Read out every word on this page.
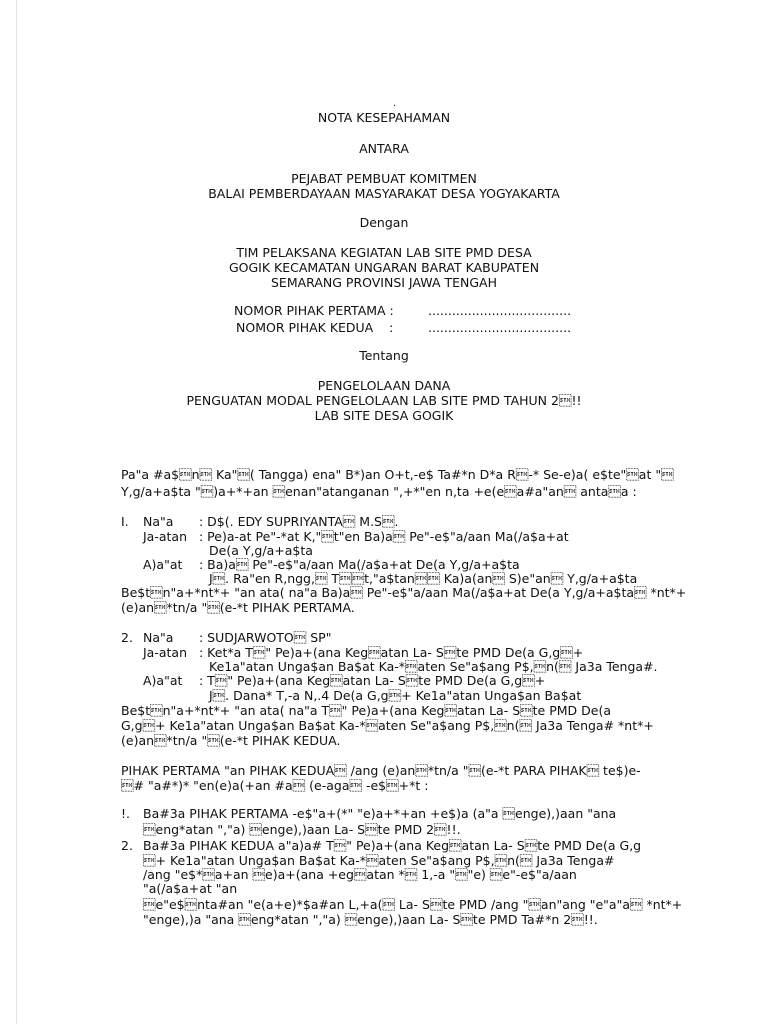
.
NOTA KESEPAHAMAN
ANTARA
PEJABAT PEMBUAT KOMITMEN
BALAI PEMBERDAYAAN MASYARAKAT DESA YOGYAKARTA
Dengan
TIM PELAKSANA KEGIATAN LAB SITE PMD DESA
GOGIK KECAMATAN UNGARAN BARAT KABUPATEN
SEMARANG PROVINSI JAWA TENGAH
NOMOR PIHAK PERTAMA :	....................................
NOMOR PIHAK KEDUA    :	....................................
Tentang
PENGELOLAAN DANA
PENGUATAN MODAL PENGELOLAAN LAB SITE PMD TAHUN 2!!
LAB SITE DESA GOGIK
Pa"a #a$n Ka"( Tangga) ena" B*)an O+t,-e$ Ta#*n D*a R-* Se-e)a( e$te"at "
Y,g/a+a$ta ")a+*+an enan"atanganan ",+*"en n,ta +e(ea#a"an antaa :
I. Na"a : D$(. EDY SUPRIYANTA M.S.
Ja-atan : Pe)a-at Pe"-*at K,"t"en Ba)a Pe"-e$"a/aan Ma(/a$a+at
De(a Y,g/a+a$ta
A)a"at : Ba)a Pe"-e$"a/aan Ma(/a$a+at De(a Y,g/a+a$ta
J. Ra"en R,ngg, Tt,"a$tan Ka)a(an S)e"an Y,g/a+a$ta
Be$tn"a+*nt*+ "an ata( na"a Ba)a Pe"-e$"a/aan Ma(/a$a+at De(a Y,g/a+a$ta *nt*+
(e)an*tn/a "(e-*t PIHAK PERTAMA.
2. Na"a : SUDJARWOTO SP"
Ja-atan : Ket*a T" Pe)a+(ana Kegatan La- Ste PMD De(a G,g+
Ke1a"atan Unga$an Ba$at Ka-*aten Se"a$ang P$,n( Ja3a Tenga#.
A)a"at : T" Pe)a+(ana Kegatan La- Ste PMD De(a G,g+
J. Dana* T,-a N,.4 De(a G,g+ Ke1a"atan Unga$an Ba$at
Be$tn"a+*nt*+ "an ata( na"a T" Pe)a+(ana Kegatan La- Ste PMD De(a
G,g+ Ke1a"atan Unga$an Ba$at Ka-*aten Se"a$ang P$,n( Ja3a Tenga# *nt*+
(e)an*tn/a "(e-*t PIHAK KEDUA.
PIHAK PERTAMA "an PIHAK KEDUA /ang (e)an*tn/a "(e-*t PARA PIHAK te$)e-
# "a#*)* "en(e)a(+an #a (e-aga -e$+*t :
!. Ba#3a PIHAK PERTAMA -e$"a+(*" "e)a+*+an +e$)a (a"a enge),)aan "ana
eng*atan ","a) enge),)aan La- Ste PMD 2!!.
2. Ba#3a PIHAK KEDUA a"a)a# T" Pe)a+(ana Kegatan La- Ste PMD De(a G,g
+ Ke1a"atan Unga$an Ba$at Ka-*aten Se"a$ang P$,n( Ja3a Tenga#
/ang "e$*a+an e)a+(ana +egatan * 1,-a ""e) e"-e$"a/aan
"a(/a$a+at "an
e"e$nta#an "e(a+e)*$a#an L,+a( La- Ste PMD /ang "an"ang "e"a"a *nt*+
"enge),)a "ana eng*atan ","a) enge),)aan La- Ste PMD Ta#*n 2!!.
